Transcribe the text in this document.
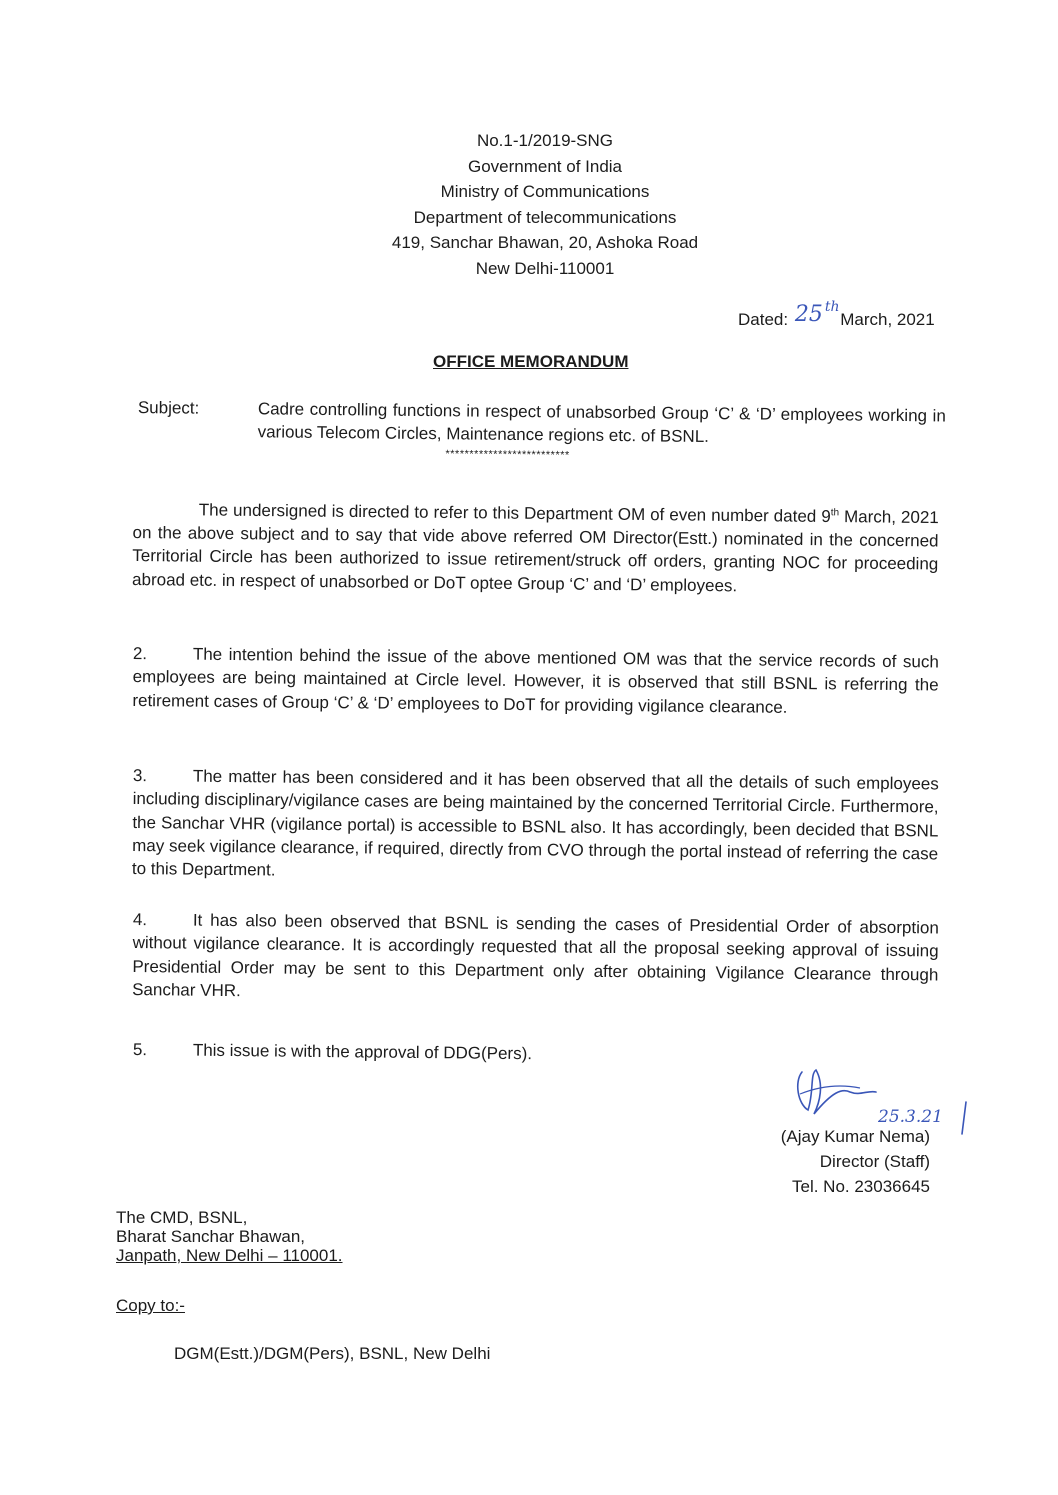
No.1-1/2019-SNG
Government of India
Ministry of Communications
Department of telecommunications
419, Sanchar Bhawan, 20, Ashoka Road
New Delhi-110001
Dated: 25 $^{th}$ March, 2021
OFFICE MEMORANDUM
Subject:	Cadre controlling functions in respect of unabsorbed Group ‘C’ & ‘D’ employees working in various Telecom Circles, Maintenance regions etc. of BSNL.
**************************
The undersigned is directed to refer to this Department OM of even number dated 9th March, 2021 on the above subject and to say that vide above referred OM Director(Estt.) nominated in the concerned Territorial Circle has been authorized to issue retirement/struck off orders, granting NOC for proceeding abroad etc. in respect of unabsorbed or DoT optee Group ‘C’ and ‘D’ employees.
2.	The intention behind the issue of the above mentioned OM was that the service records of such employees are being maintained at Circle level. However, it is observed that still BSNL is referring the retirement cases of Group ‘C’ & ‘D’ employees to DoT for providing vigilance clearance.
3.	The matter has been considered and it has been observed that all the details of such employees including disciplinary/vigilance cases are being maintained by the concerned Territorial Circle. Furthermore, the Sanchar VHR (vigilance portal) is accessible to BSNL also. It has accordingly, been decided that BSNL may seek vigilance clearance, if required, directly from CVO through the portal instead of referring the case to this Department.
4.	It has also been observed that BSNL is sending the cases of Presidential Order of absorption without vigilance clearance. It is accordingly requested that all the proposal seeking approval of issuing Presidential Order may be sent to this Department only after obtaining Vigilance Clearance through Sanchar VHR.
5.	This issue is with the approval of DDG(Pers).
25.3.21
(Ajay Kumar Nema)
Director (Staff)
Tel. No. 23036645
The CMD, BSNL,
Bharat Sanchar Bhawan,
Janpath, New Delhi – 110001.
Copy to:-
DGM(Estt.)/DGM(Pers), BSNL, New Delhi
